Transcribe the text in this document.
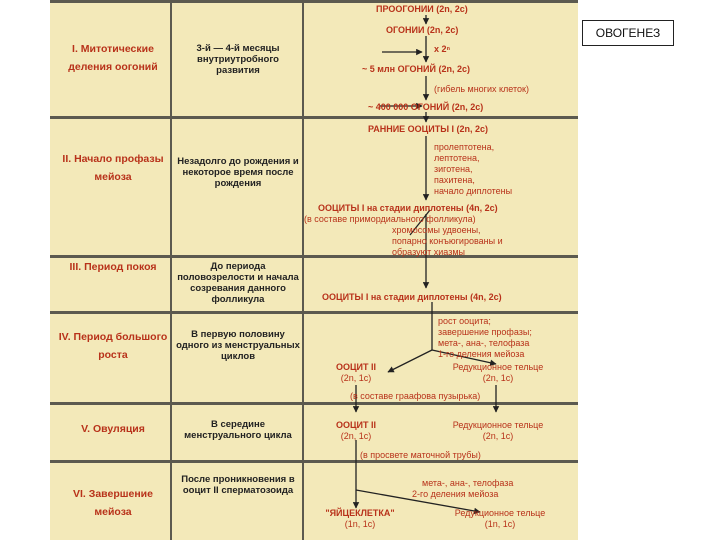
I. Митотические деления оогоний
II. Начало профазы мейоза
III. Период покоя
IV. Период большого роста
V. Овуляция
VI. Завершение мейоза
3-й — 4-й месяцы внутриутробного развития
Незадолго до рождения и некоторое время после рождения
До периода половозрелости и начала созревания данного фолликула
В первую половину одного из менструальных циклов
В середине менструального цикла
После проникновения в ооцит II сперматозоида
ПРООГОНИИ (2n, 2c)
ОГОНИИ (2n, 2c)
x 2ⁿ
~ 5 млн ОГОНИЙ (2n, 2c)
(гибель многих клеток)
~ 400 000 ОГОНИЙ (2n, 2c)
РАННИЕ ООЦИТЫ I (2n, 2c)
пролептотена,
лептотена,
зиготена,
пахитена,
начало диплотены
ООЦИТЫ I на стадии диплотены (4n, 2c)
(в составе примордиального фолликула)
хромосомы удвоены,
попарно конъюгированы и
образуют хиазмы
ООЦИТЫ I на стадии диплотены (4n, 2c)
рост ооцита;
завершение профазы;
мета-, ана-, телофаза
1-го деления мейоза
ООЦИТ II
(2n, 1c)
Редукционное тельце
(2n, 1c)
(в составе граафова пузырька)
ООЦИТ II
(2n, 1c)
Редукционное тельце
(2n, 1c)
(в просвете маточной трубы)
мета-, ана-, телофаза
2-го деления мейоза
"ЯЙЦЕКЛЕТКА"
(1n, 1c)
Редукционное тельце
(1n, 1c)
ОВОГЕНЕЗ
